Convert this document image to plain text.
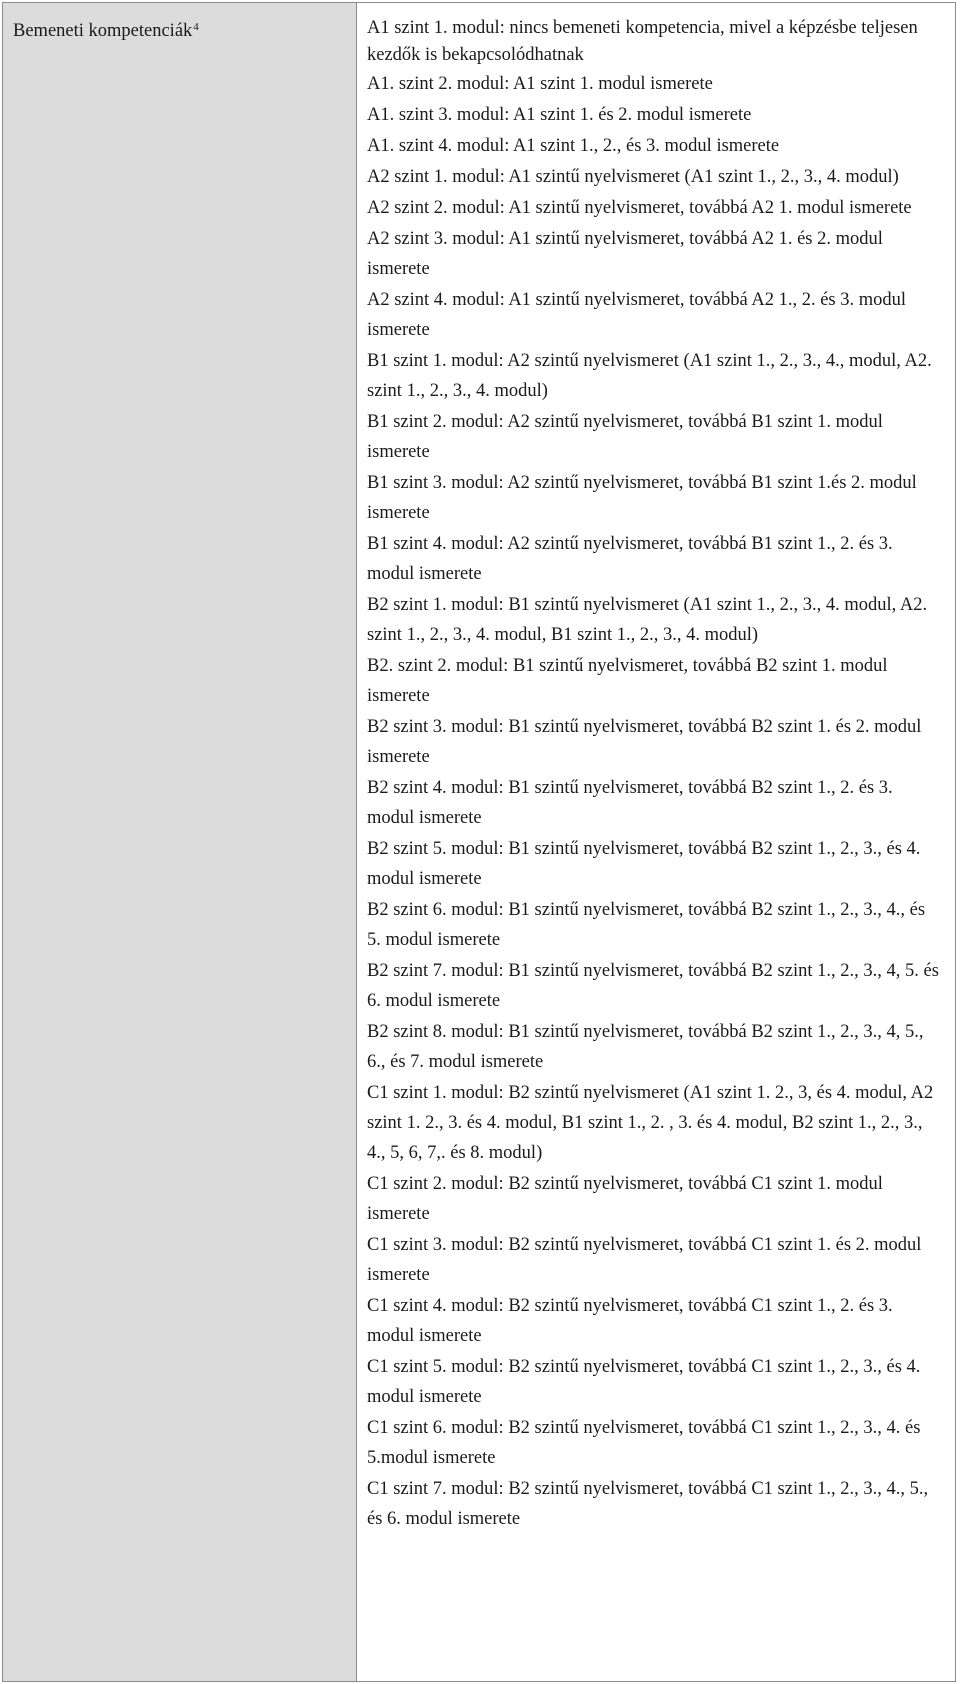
Bemeneti kompetenciák$^4$	A1 szint 1. modul: nincs bemeneti kompetencia, mivel a képzésbe teljesen kezdők is bekapcsolódhatnak
A1. szint 2. modul: A1 szint 1. modul ismerete
A1. szint 3. modul: A1 szint 1. és 2. modul ismerete
A1. szint 4. modul: A1 szint 1., 2., és 3. modul ismerete
A2 szint 1. modul: A1 szintű nyelvismeret (A1 szint 1., 2., 3., 4. modul)
A2 szint 2. modul: A1 szintű nyelvismeret, továbbá A2 1. modul ismerete
A2 szint 3. modul: A1 szintű nyelvismeret, továbbá A2 1. és 2. modul ismerete
A2 szint 4. modul: A1 szintű nyelvismeret, továbbá A2 1., 2. és 3. modul ismerete
B1 szint 1. modul: A2 szintű nyelvismeret (A1 szint 1., 2., 3., 4., modul, A2. szint 1., 2., 3., 4. modul)
B1 szint 2. modul: A2 szintű nyelvismeret, továbbá B1 szint 1. modul ismerete
B1 szint 3. modul: A2 szintű nyelvismeret, továbbá B1 szint 1.és 2. modul ismerete
B1 szint 4. modul: A2 szintű nyelvismeret, továbbá B1 szint 1., 2. és 3. modul ismerete
B2 szint 1. modul: B1 szintű nyelvismeret (A1 szint 1., 2., 3., 4. modul, A2. szint 1., 2., 3., 4. modul, B1 szint 1., 2., 3., 4. modul)
B2. szint 2. modul: B1 szintű nyelvismeret, továbbá B2 szint 1. modul ismerete
B2 szint 3. modul: B1 szintű nyelvismeret, továbbá B2 szint 1. és 2. modul ismerete
B2 szint 4. modul: B1 szintű nyelvismeret, továbbá B2 szint 1., 2. és 3. modul ismerete
B2 szint 5. modul: B1 szintű nyelvismeret, továbbá B2 szint 1., 2., 3., és 4. modul ismerete
B2 szint 6. modul: B1 szintű nyelvismeret, továbbá B2 szint 1., 2., 3., 4., és 5. modul ismerete
B2 szint 7. modul: B1 szintű nyelvismeret, továbbá B2 szint 1., 2., 3., 4, 5. és 6. modul ismerete
B2 szint 8. modul: B1 szintű nyelvismeret, továbbá B2 szint 1., 2., 3., 4, 5., 6., és 7. modul ismerete
C1 szint 1. modul: B2 szintű nyelvismeret (A1 szint 1. 2., 3, és 4. modul, A2 szint 1. 2., 3. és 4. modul, B1 szint 1., 2. , 3. és 4. modul, B2 szint 1., 2., 3., 4., 5, 6, 7,. és 8. modul)
C1 szint 2. modul: B2 szintű nyelvismeret, továbbá C1 szint 1. modul ismerete
C1 szint 3. modul: B2 szintű nyelvismeret, továbbá C1 szint 1. és 2. modul ismerete
C1 szint 4. modul: B2 szintű nyelvismeret, továbbá C1 szint 1., 2. és 3. modul ismerete
C1 szint 5. modul: B2 szintű nyelvismeret, továbbá C1 szint 1., 2., 3., és 4. modul ismerete
C1 szint 6. modul: B2 szintű nyelvismeret, továbbá C1 szint 1., 2., 3., 4. és 5.modul ismerete
C1 szint 7. modul: B2 szintű nyelvismeret, továbbá C1 szint 1., 2., 3., 4., 5., és 6. modul ismerete
